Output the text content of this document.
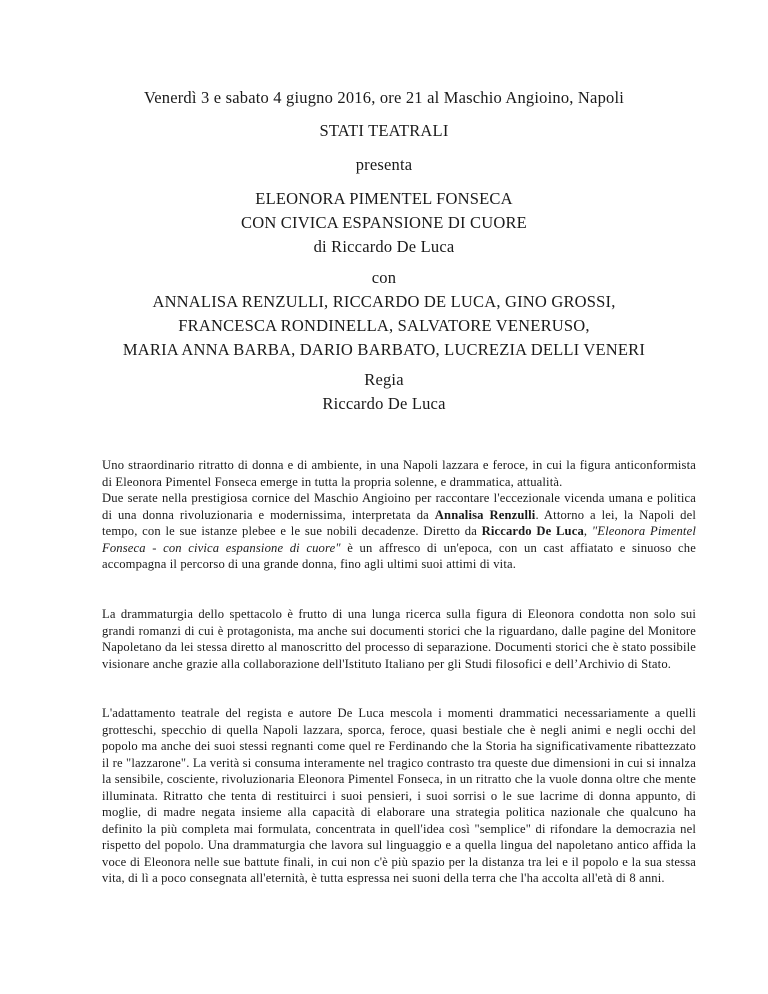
Venerdì 3 e sabato 4 giugno 2016, ore 21 al Maschio Angioino, Napoli
STATI TEATRALI
presenta
ELEONORA PIMENTEL FONSECA
CON CIVICA ESPANSIONE DI CUORE
di Riccardo De Luca
con
ANNALISA RENZULLI, RICCARDO DE LUCA, GINO GROSSI,
FRANCESCA RONDINELLA, SALVATORE VENERUSO,
MARIA ANNA BARBA, DARIO BARBATO, LUCREZIA DELLI VENERI
Regia
Riccardo De Luca

Uno straordinario ritratto di donna e di ambiente, in una Napoli lazzara e feroce, in cui la figura anticonformista di Eleonora Pimentel Fonseca emerge in tutta la propria solenne, e drammatica, attualità.

Due serate nella prestigiosa cornice del Maschio Angioino per raccontare l'eccezionale vicenda umana e politica di una donna rivoluzionaria e modernissima, interpretata da Annalisa Renzulli. Attorno a lei, la Napoli del tempo, con le sue istanze plebee e le sue nobili decadenze. Diretto da Riccardo De Luca, "Eleonora Pimentel Fonseca - con civica espansione di cuore" è un affresco di un'epoca, con un cast affiatato e sinuoso che accompagna il percorso di una grande donna, fino agli ultimi suoi attimi di vita.

La drammaturgia dello spettacolo è frutto di una lunga ricerca sulla figura di Eleonora condotta non solo sui grandi romanzi di cui è protagonista, ma anche sui documenti storici che la riguardano, dalle pagine del Monitore Napoletano da lei stessa diretto al manoscritto del processo di separazione. Documenti storici che è stato possibile visionare anche grazie alla collaborazione dell'Istituto Italiano per gli Studi filosofici e dell’Archivio di Stato.

L'adattamento teatrale del regista e autore De Luca mescola i momenti drammatici necessariamente a quelli grotteschi, specchio di quella Napoli lazzara, sporca, feroce, quasi bestiale che è negli animi e negli occhi del popolo ma anche dei suoi stessi regnanti come quel re Ferdinando che la Storia ha significativamente ribattezzato il re "lazzarone". La verità si consuma interamente nel tragico contrasto tra queste due dimensioni in cui si innalza la sensibile, cosciente, rivoluzionaria Eleonora Pimentel Fonseca, in un ritratto che la vuole donna oltre che mente illuminata. Ritratto che tenta di restituirci i suoi pensieri, i suoi sorrisi o le sue lacrime di donna appunto, di moglie, di madre negata insieme alla capacità di elaborare una strategia politica nazionale che qualcuno ha definito la più completa mai formulata, concentrata in quell'idea così "semplice" di rifondare la democrazia nel rispetto del popolo. Una drammaturgia che lavora sul linguaggio e a quella lingua del napoletano antico affida la voce di Eleonora nelle sue battute finali, in cui non c'è più spazio per la distanza tra lei e il popolo e la sua stessa vita, di lì a poco consegnata all'eternità, è tutta espressa nei suoni della terra che l'ha accolta all'età di 8 anni.
